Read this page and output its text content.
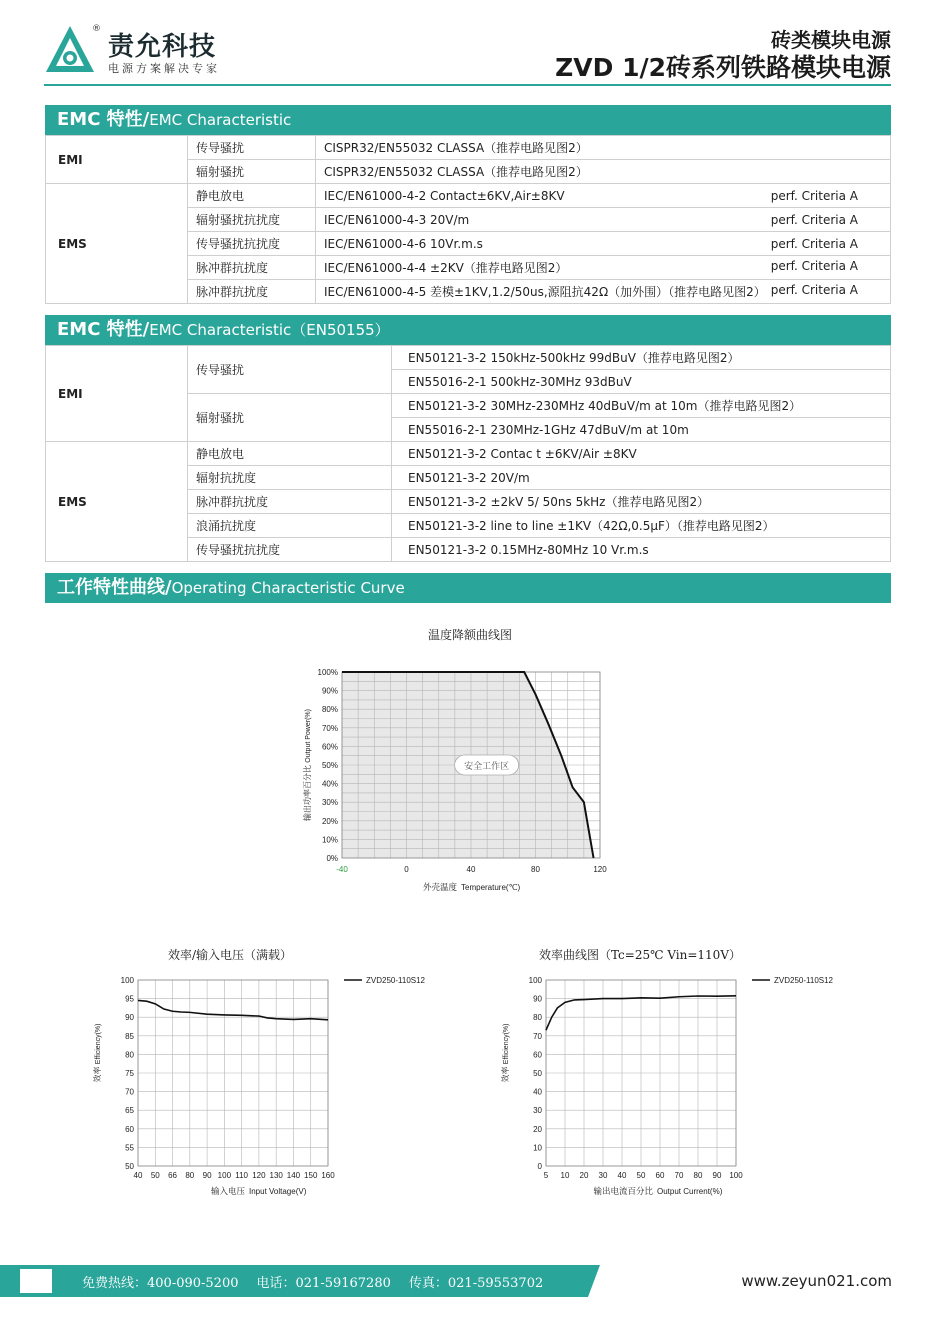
®
责允科技
电源方案解决专家
砖类模块电源
ZVD 1/2砖系列铁路模块电源
EMC 特性/EMC Characteristic
EMI	传导骚扰	CISPR32/EN55032 CLASSA（推荐电路见图2）
	辐射骚扰	CISPR32/EN55032 CLASSA（推荐电路见图2）
EMS	静电放电	IEC/EN61000-4-2 Contact±6KV,Air±8KV perf. Criteria A

	辐射骚扰抗扰度	IEC/EN61000-4-3 20V/m perf. Criteria A

	传导骚扰抗扰度	IEC/EN61000-4-6 10Vr.m.s perf. Criteria A

	脉冲群抗扰度	IEC/EN61000-4-4 ±2KV（推荐电路见图2） perf. Criteria A

	脉冲群抗扰度	IEC/EN61000-4-5 差模±1KV,1.2/50us,源阻抗42Ω（加外围）（推荐电路见图2） perf. Criteria A
EMC 特性/EMC Characteristic（EN50155）
EMI	传导骚扰	EN50121-3-2 150kHz-500kHz 99dBuV（推荐电路见图2）
		EN55016-2-1 500kHz-30MHz 93dBuV
	辐射骚扰	EN50121-3-2 30MHz-230MHz 40dBuV/m at 10m（推荐电路见图2）
		EN55016-2-1 230MHz-1GHz 47dBuV/m at 10m
EMS	静电放电	EN50121-3-2 Contac t ±6KV/Air ±8KV
	辐射抗扰度	EN50121-3-2 20V/m
	脉冲群抗扰度	EN50121-3-2 ±2kV 5/ 50ns 5kHz（推荐电路见图2）
	浪涌抗扰度	EN50121-3-2 line to line ±1KV（42Ω,0.5μF）（推荐电路见图2）
	传导骚扰抗扰度	EN50121-3-2 0.15MHz-80MHz 10 Vr.m.s
工作特性曲线/Operating Characteristic Curve
温度降额曲线图
0%
10%
20%
30%
40%
50%
60%
70%
80%
90%
100%
-40	0	40	80	120
安全工作区
外壳温度 Temperature(℃)
输出功率百分比 Output Power(%)
效率/输入电压（满载）
50
55
60
65
70
75
80
85
90
95
100
40 50 66 80 90 100 110 120 130 140 150 160
ZVD250-110S12
输入电压 Input Voltage(V)
效率 Efficiency(%)
效率曲线图（Tc=25℃ Vin=110V）
0
10
20
30
40
50
60
70
80
90
100
5 10 20 30 40 50 60 70 80 90 100
ZVD250-110S12
输出电流百分比 Output Current(%)
效率 Efficiency(%)
免费热线：400-090-5200 电话：021-59167280 传真：021-59553702	www.zeyun021.com
